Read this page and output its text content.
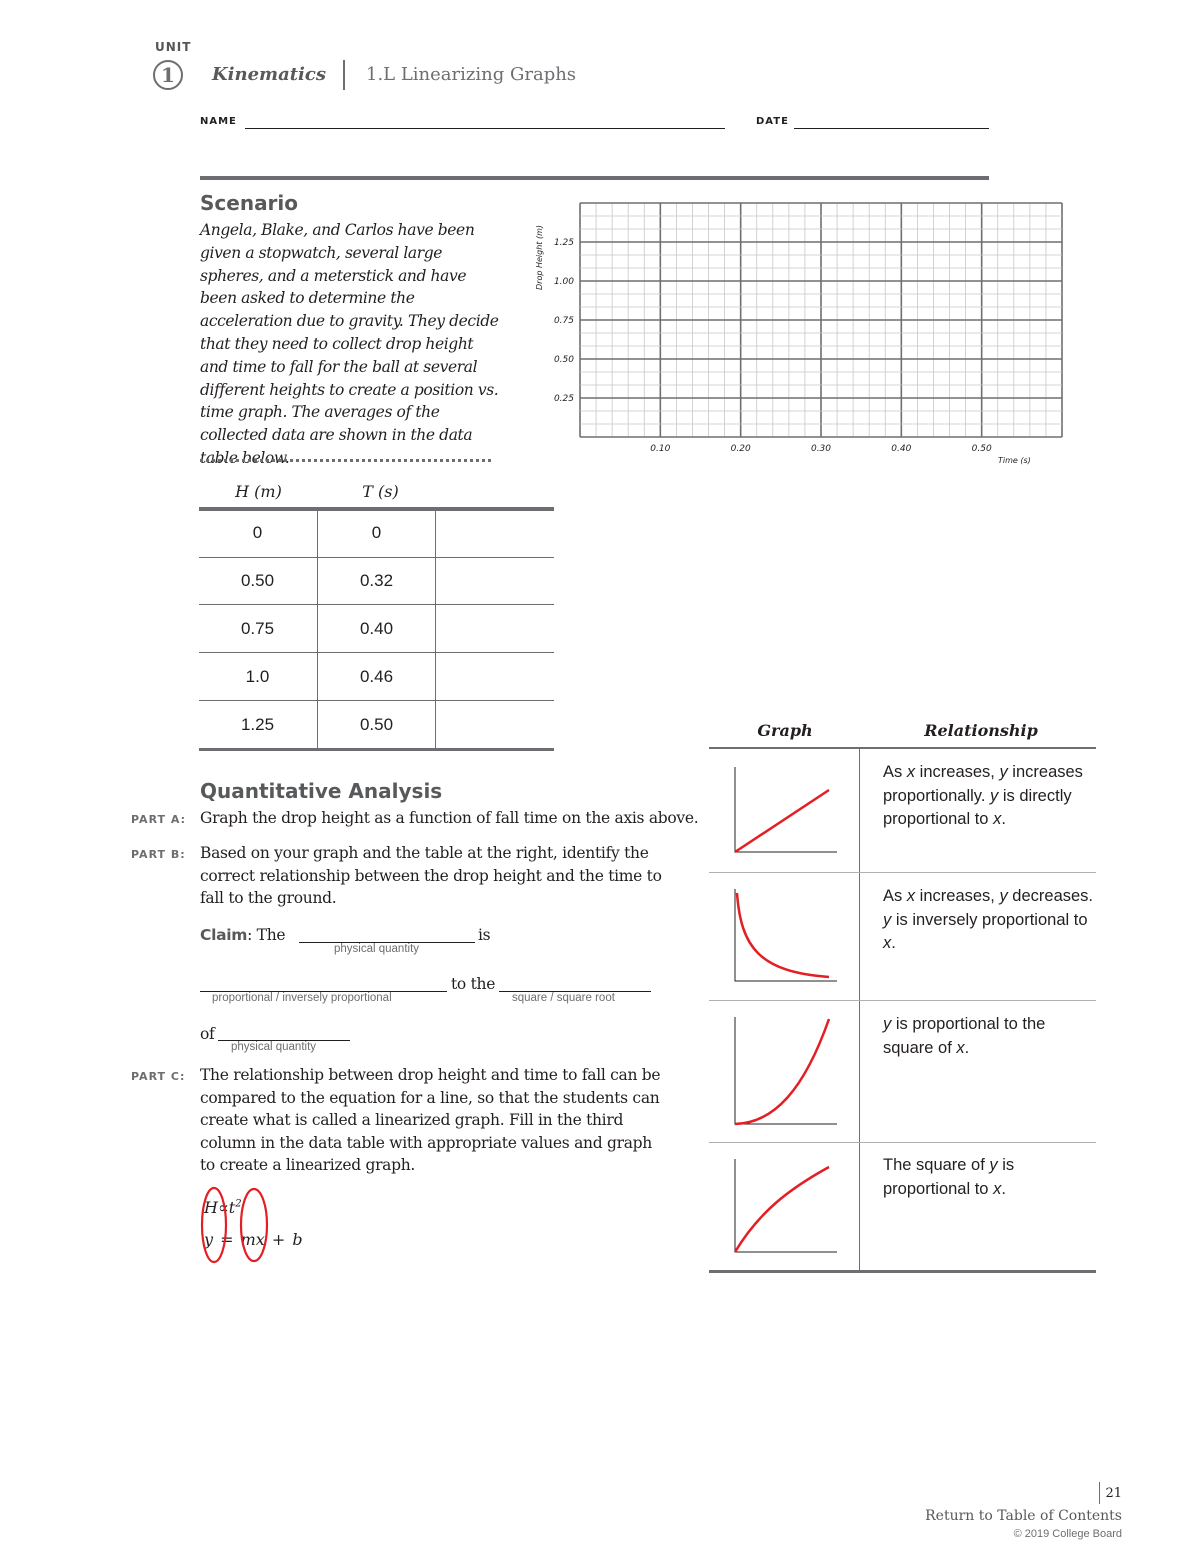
UNIT
1	Kinematics 1.L Linearizing Graphs
NAME	DATE
Scenario
Angela, Blake, and Carlos have been given a stopwatch, several large spheres, and a meterstick and have been asked to determine the acceleration due to gravity. They decide that they need to collect drop height and time to fall for the ball at several different heights to create a position vs. time graph. The averages of the collected data are shown in the data table below.
Drop Height (m)
Time (s)
0.25
0.50
0.75
1.00
1.25
0.10	0.20	0.30	0.40	0.50
H (m)	T (s)
0	0
0.50	0.32
0.75	0.40
1.0	0.46
1.25	0.50
Quantitative Analysis
PART A: Graph the drop height as a function of fall time on the axis above.
PART B: Based on your graph and the table at the right, identify the correct relationship between the drop height and the time to fall to the ground.
Claim: The	is
physical quantity
to the
proportional / inversely proportional	square / square root
of
physical quantity
PART C: The relationship between drop height and time to fall can be compared to the equation for a line, so that the students can create what is called a linearized graph. Fill in the third column in the data table with appropriate values and graph to create a linearized graph.
$H\propto t^2$
y = mx + b
Graph	Relationship
As x increases, y increases proportionally. y is directly proportional to x.
As x increases, y decreases. y is inversely proportional to x.
y is proportional to the square of x.
The square of y is proportional to x.
21
Return to Table of Contents
© 2019 College Board
